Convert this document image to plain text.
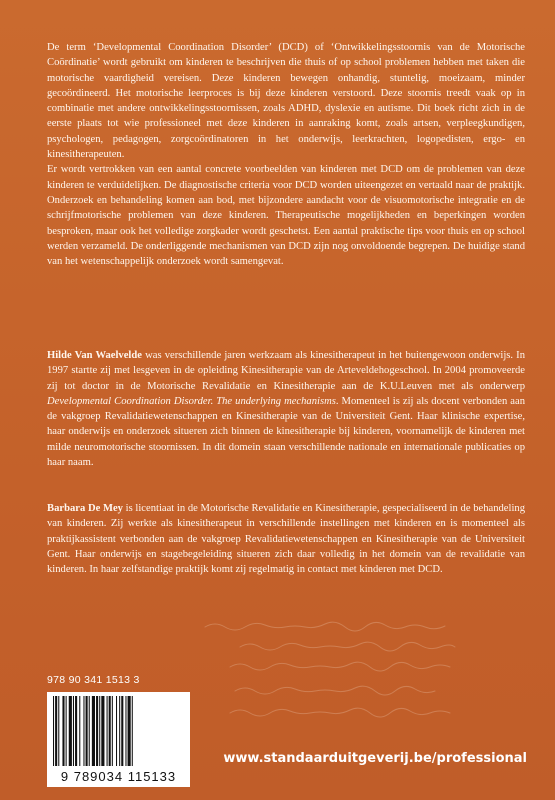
De term ‘Developmental Coordination Disorder’ (DCD) of ‘Ontwikkelingsstoornis van de Motorische Coördinatie’ wordt gebruikt om kinderen te beschrijven die thuis of op school problemen hebben met taken die motorische vaardigheid vereisen. Deze kinderen bewegen onhandig, stuntelig, moeizaam, minder gecoördineerd. Het motorische leerproces is bij deze kinderen verstoord. Deze stoornis treedt vaak op in combinatie met andere ontwikkelingsstoornissen, zoals ADHD, dyslexie en autisme. Dit boek richt zich in de eerste plaats tot wie professioneel met deze kinderen in aanraking komt, zoals artsen, verpleegkundigen, psychologen, pedagogen, zorgcoördinatoren in het onderwijs, leerkrachten, logopedisten, ergo- en kinesitherapeuten.

Er wordt vertrokken van een aantal concrete voorbeelden van kinderen met DCD om de problemen van deze kinderen te verduidelijken. De diagnostische criteria voor DCD worden uiteengezet en vertaald naar de praktijk. Onderzoek en behandeling komen aan bod, met bijzondere aandacht voor de visuomotorische integratie en de schrijfmotorische problemen van deze kinderen. Therapeutische mogelijkheden en beperkingen worden besproken, maar ook het volledige zorgkader wordt geschetst. Een aantal praktische tips voor thuis en op school werden verzameld. De onderliggende mechanismen van DCD zijn nog onvoldoende begrepen. De huidige stand van het wetenschappelijk onderzoek wordt samengevat.

Hilde Van Waelvelde was verschillende jaren werkzaam als kinesitherapeut in het buitengewoon onderwijs. In 1997 startte zij met lesgeven in de opleiding Kinesitherapie van de Arteveldehogeschool. In 2004 promoveerde zij tot doctor in de Motorische Revalidatie en Kinesitherapie aan de K.U.Leuven met als onderwerp Developmental Coordination Disorder. The underlying mechanisms. Momenteel is zij als docent verbonden aan de vakgroep Revalidatiewetenschappen en Kinesitherapie van de Universiteit Gent. Haar klinische expertise, haar onderwijs en onderzoek situeren zich binnen de kinesitherapie bij kinderen, voornamelijk de kinderen met milde neuromotorische stoornissen. In dit domein staan verschillende nationale en internationale publicaties op haar naam.

Barbara De Mey is licentiaat in de Motorische Revalidatie en Kinesitherapie, gespecialiseerd in de behandeling van kinderen. Zij werkte als kinesitherapeut in verschillende instellingen met kinderen en is momenteel als praktijkassistent verbonden aan de vakgroep Revalidatiewetenschappen en Kinesitherapie van de Universiteit Gent. Haar onderwijs en stagebegeleiding situeren zich daar volledig in het domein van de revalidatie van kinderen. In haar zelfstandige praktijk komt zij regelmatig in contact met kinderen met DCD.

978 90 341 1513 3
9 789034 115133
www.standaarduitgeverij.be/professional
